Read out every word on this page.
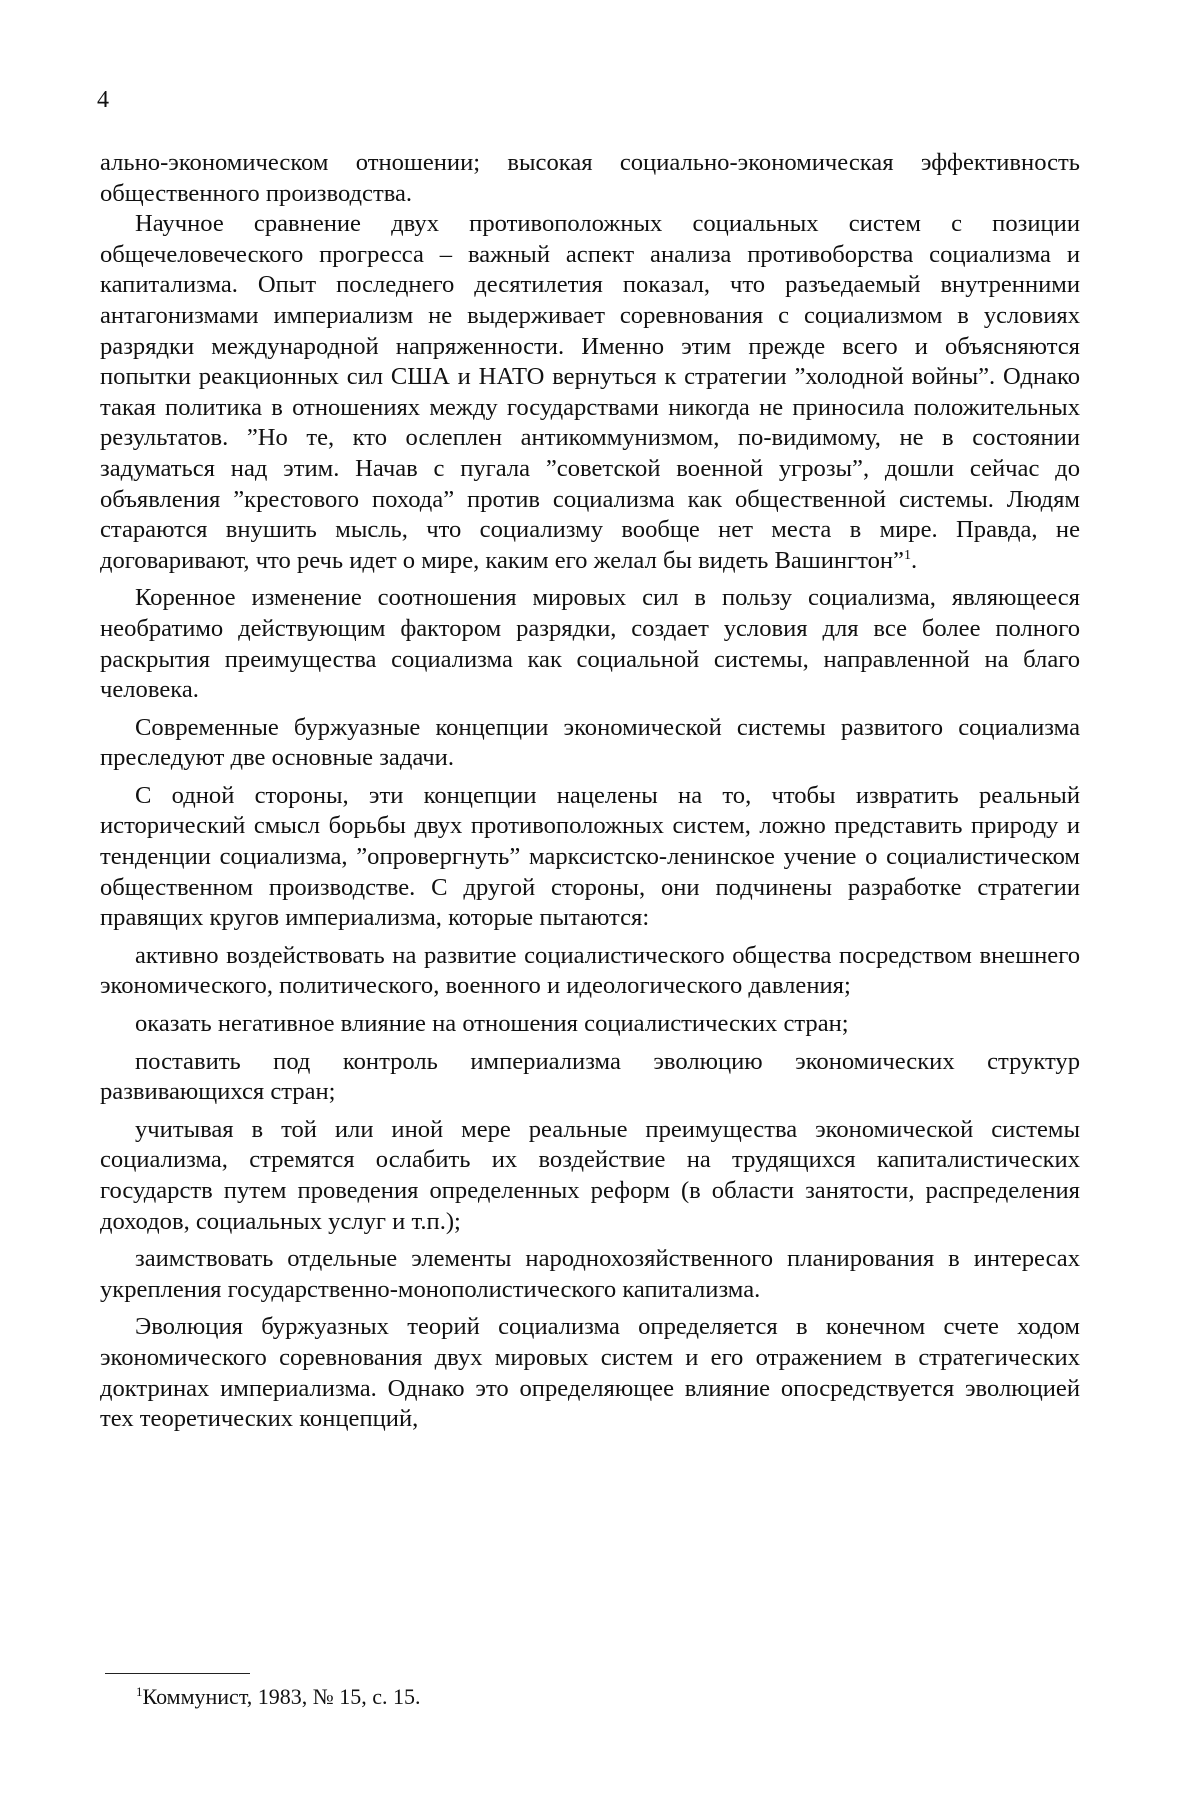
4

ально-экономическом отношении; высокая социально-экономическая эффективность общественного производства.

Научное сравнение двух противоположных социальных систем с позиции общечеловеческого прогресса – важный аспект анализа противоборства социализма и капитализма. Опыт последнего десятилетия показал, что разъедаемый внутренними антагонизмами империализм не выдерживает соревнования с социализмом в условиях разрядки международной напряженности. Именно этим прежде всего и объясняются попытки реакционных сил США и НАТО вернуться к стратегии ”холодной войны”. Однако такая политика в отношениях между государствами никогда не приносила положительных результатов. ”Но те, кто ослеплен антикоммунизмом, по-видимому, не в состоянии задуматься над этим. Начав с пугала ”советской военной угрозы”, дошли сейчас до объявления ”крестового похода” против социализма как общественной системы. Людям стараются внушить мысль, что социализму вообще нет места в мире. Правда, не договаривают, что речь идет о мире, каким его желал бы видеть Вашингтон”$^1$.

Коренное изменение соотношения мировых сил в пользу социализма, являющееся необратимо действующим фактором разрядки, создает условия для все более полного раскрытия преимущества социализма как социальной системы, направленной на благо человека.

Современные буржуазные концепции экономической системы развитого социализма преследуют две основные задачи.

С одной стороны, эти концепции нацелены на то, чтобы извратить реальный исторический смысл борьбы двух противоположных систем, ложно представить природу и тенденции социализма, ”опровергнуть” марксистско-ленинское учение о социалистическом общественном производстве. С другой стороны, они подчинены разработке стратегии правящих кругов империализма, которые пытаются:

активно воздействовать на развитие социалистического общества посредством внешнего экономического, политического, военного и идеологического давления;

оказать негативное влияние на отношения социалистических стран;

поставить под контроль империализма эволюцию экономических структур развивающихся стран;

учитывая в той или иной мере реальные преимущества экономической системы социализма, стремятся ослабить их воздействие на трудящихся капиталистических государств путем проведения определенных реформ (в области занятости, распределения доходов, социальных услуг и т.п.);

заимствовать отдельные элементы народнохозяйственного планирования в интересах укрепления государственно-монополистического капитализма.

Эволюция буржуазных теорий социализма определяется в конечном счете ходом экономического соревнования двух мировых систем и его отражением в стратегических доктринах империализма. Однако это определяющее влияние опосредствуется эволюцией тех теоретических концепций,

$^1$Коммунист, 1983, № 15, с. 15.
